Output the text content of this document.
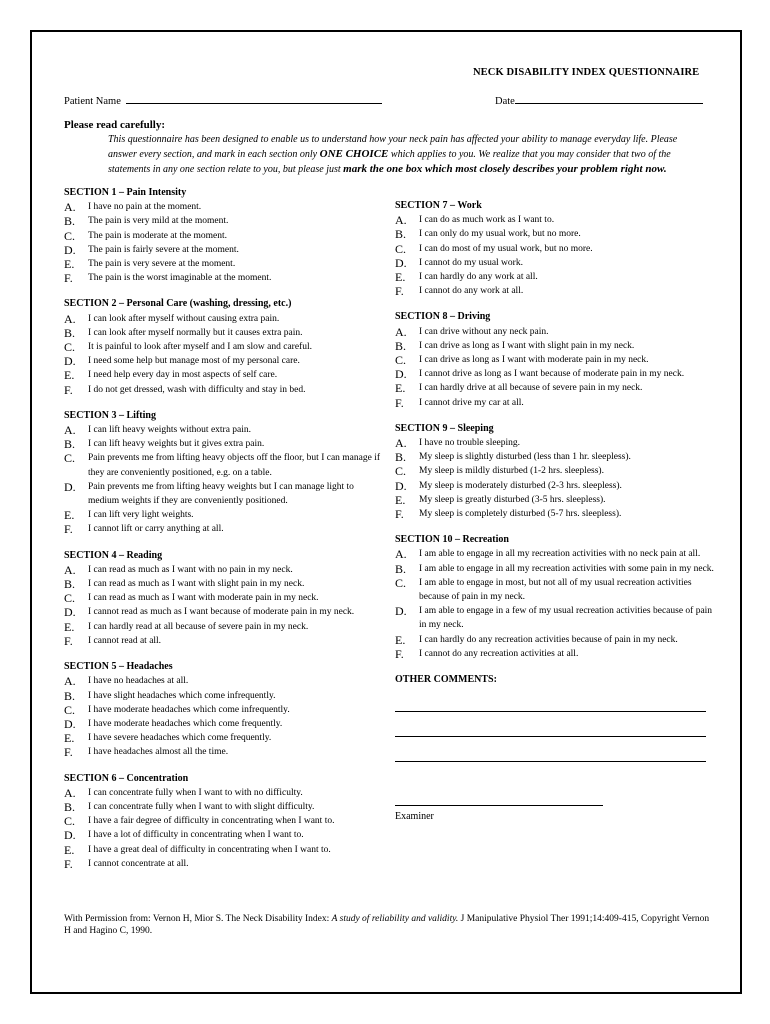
NECK DISABILITY INDEX QUESTIONNAIRE
Patient Name	Date
Please read carefully:
This questionnaire has been designed to enable us to understand how your neck pain has affected your ability to manage everyday life. Please answer every section, and mark in each section only ONE CHOICE which applies to you. We realize that you may consider that two of the statements in any one section relate to you, but please just mark the one box which most closely describes your problem right now.
SECTION 1 – Pain Intensity
A. I have no pain at the moment.
B. The pain is very mild at the moment.
C. The pain is moderate at the moment.
D. The pain is fairly severe at the moment.
E. The pain is very severe at the moment.
F. The pain is the worst imaginable at the moment.
SECTION 2 – Personal Care (washing, dressing, etc.)
A. I can look after myself without causing extra pain.
B. I can look after myself normally but it causes extra pain.
C. It is painful to look after myself and I am slow and careful.
D. I need some help but manage most of my personal care.
E. I need help every day in most aspects of self care.
F. I do not get dressed, wash with difficulty and stay in bed.
SECTION 3 – Lifting
A. I can lift heavy weights without extra pain.
B. I can lift heavy weights but it gives extra pain.
C. Pain prevents me from lifting heavy objects off the floor, but I can manage if they are conveniently positioned, e.g. on a table.
D. Pain prevents me from lifting heavy weights but I can manage light to medium weights if they are conveniently positioned.
E. I can lift very light weights.
F. I cannot lift or carry anything at all.
SECTION 4 – Reading
A. I can read as much as I want with no pain in my neck.
B. I can read as much as I want with slight pain in my neck.
C. I can read as much as I want with moderate pain in my neck.
D. I cannot read as much as I want because of moderate pain in my neck.
E. I can hardly read at all because of severe pain in my neck.
F. I cannot read at all.
SECTION 5 – Headaches
A. I have no headaches at all.
B. I have slight headaches which come infrequently.
C. I have moderate headaches which come infrequently.
D. I have moderate headaches which come frequently.
E. I have severe headaches which come frequently.
F. I have headaches almost all the time.
SECTION 6 – Concentration
A. I can concentrate fully when I want to with no difficulty.
B. I can concentrate fully when I want to with slight difficulty.
C. I have a fair degree of difficulty in concentrating when I want to.
D. I have a lot of difficulty in concentrating when I want to.
E. I have a great deal of difficulty in concentrating when I want to.
F. I cannot concentrate at all.
SECTION 7 – Work
A. I can do as much work as I want to.
B. I can only do my usual work, but no more.
C. I can do most of my usual work, but no more.
D. I cannot do my usual work.
E. I can hardly do any work at all.
F. I cannot do any work at all.
SECTION 8 – Driving
A. I can drive without any neck pain.
B. I can drive as long as I want with slight pain in my neck.
C. I can drive as long as I want with moderate pain in my neck.
D. I cannot drive as long as I want because of moderate pain in my neck.
E. I can hardly drive at all because of severe pain in my neck.
F. I cannot drive my car at all.
SECTION 9 – Sleeping
A. I have no trouble sleeping.
B. My sleep is slightly disturbed (less than 1 hr. sleepless).
C. My sleep is mildly disturbed (1-2 hrs. sleepless).
D. My sleep is moderately disturbed (2-3 hrs. sleepless).
E. My sleep is greatly disturbed (3-5 hrs. sleepless).
F. My sleep is completely disturbed (5-7 hrs. sleepless).
SECTION 10 – Recreation
A. I am able to engage in all my recreation activities with no neck pain at all.
B. I am able to engage in all my recreation activities with some pain in my neck.
C. I am able to engage in most, but not all of my usual recreation activities because of pain in my neck.
D. I am able to engage in a few of my usual recreation activities because of pain in my neck.
E. I can hardly do any recreation activities because of pain in my neck.
F. I cannot do any recreation activities at all.
OTHER COMMENTS:
Examiner
With Permission from: Vernon H, Mior S. The Neck Disability Index: A study of reliability and validity. J Manipulative Physiol Ther 1991;14:409-415, Copyright Vernon H and Hagino C, 1990.
